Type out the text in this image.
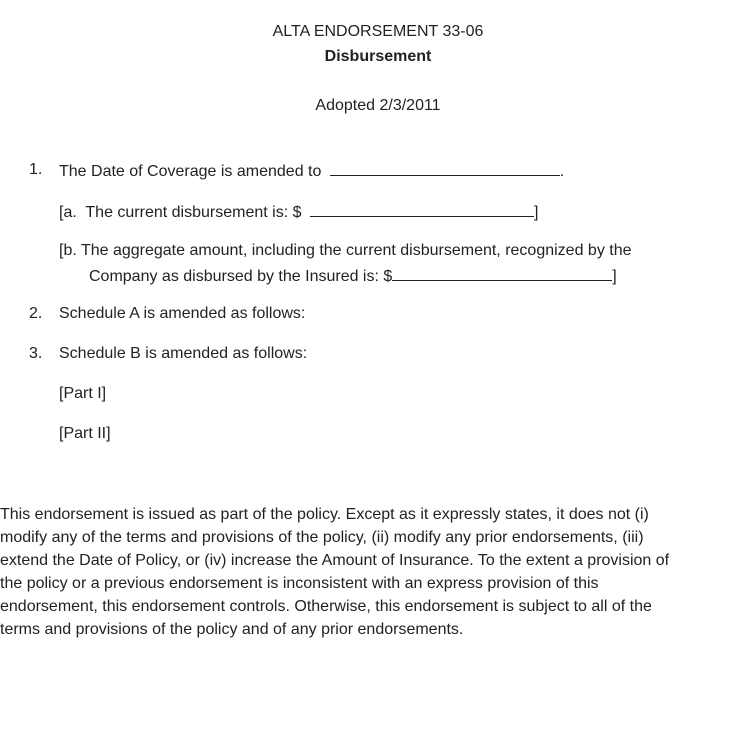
ALTA ENDORSEMENT 33-06
Disbursement
Adopted 2/3/2011
1. The Date of Coverage is amended to	.
[a.  The current disbursement is: $	]
[b. The aggregate amount, including the current disbursement, recognized by the
Company as disbursed by the Insured is: $	]
2. Schedule A is amended as follows:
3. Schedule B is amended as follows:
[Part I]
[Part II]
This endorsement is issued as part of the policy. Except as it expressly states, it does not (i)
modify any of the terms and provisions of the policy, (ii) modify any prior endorsements, (iii)
extend the Date of Policy, or (iv) increase the Amount of Insurance. To the extent a provision of
the policy or a previous endorsement is inconsistent with an express provision of this
endorsement, this endorsement controls. Otherwise, this endorsement is subject to all of the
terms and provisions of the policy and of any prior endorsements.
